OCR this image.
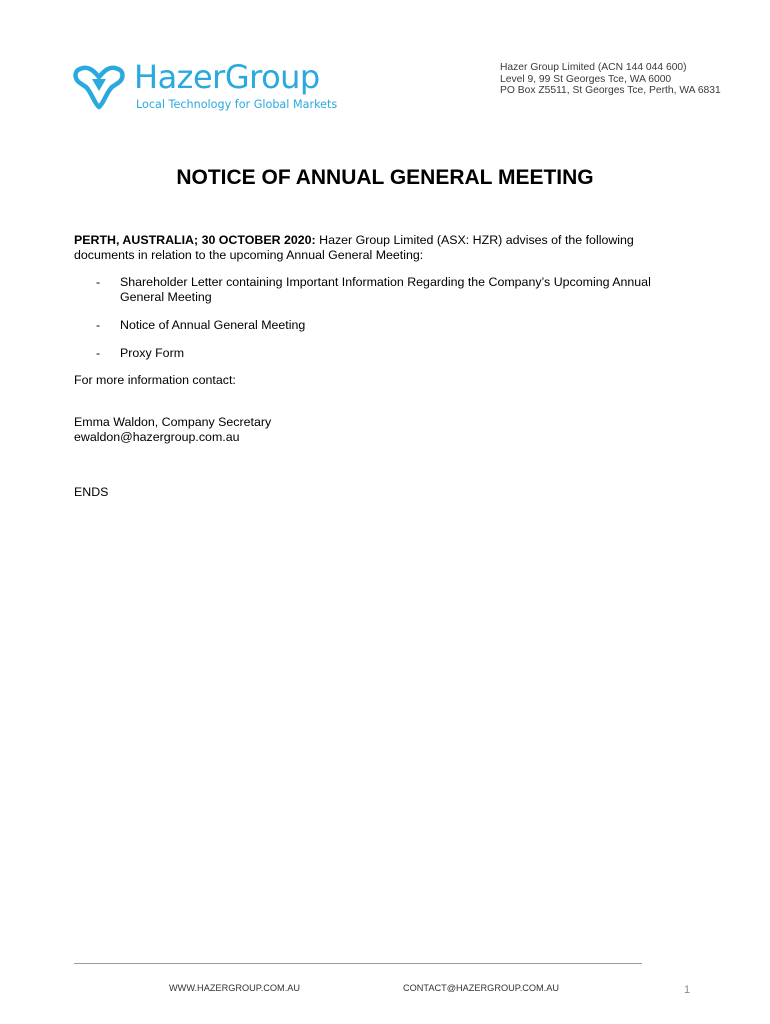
HazerGroup
Local Technology for Global Markets
Hazer Group Limited (ACN 144 044 600)
Level 9, 99 St Georges Tce, WA 6000
PO Box Z5511, St Georges Tce, Perth, WA 6831
NOTICE OF ANNUAL GENERAL MEETING
PERTH, AUSTRALIA; 30 OCTOBER 2020: Hazer Group Limited (ASX: HZR) advises of the following documents in relation to the upcoming Annual General Meeting:
- Shareholder Letter containing Important Information Regarding the Company’s Upcoming Annual General Meeting
- Notice of Annual General Meeting
- Proxy Form
For more information contact:
Emma Waldon, Company Secretary
ewaldon@hazergroup.com.au
ENDS
WWW.HAZERGROUP.COM.AU	CONTACT@HAZERGROUP.COM.AU	1
